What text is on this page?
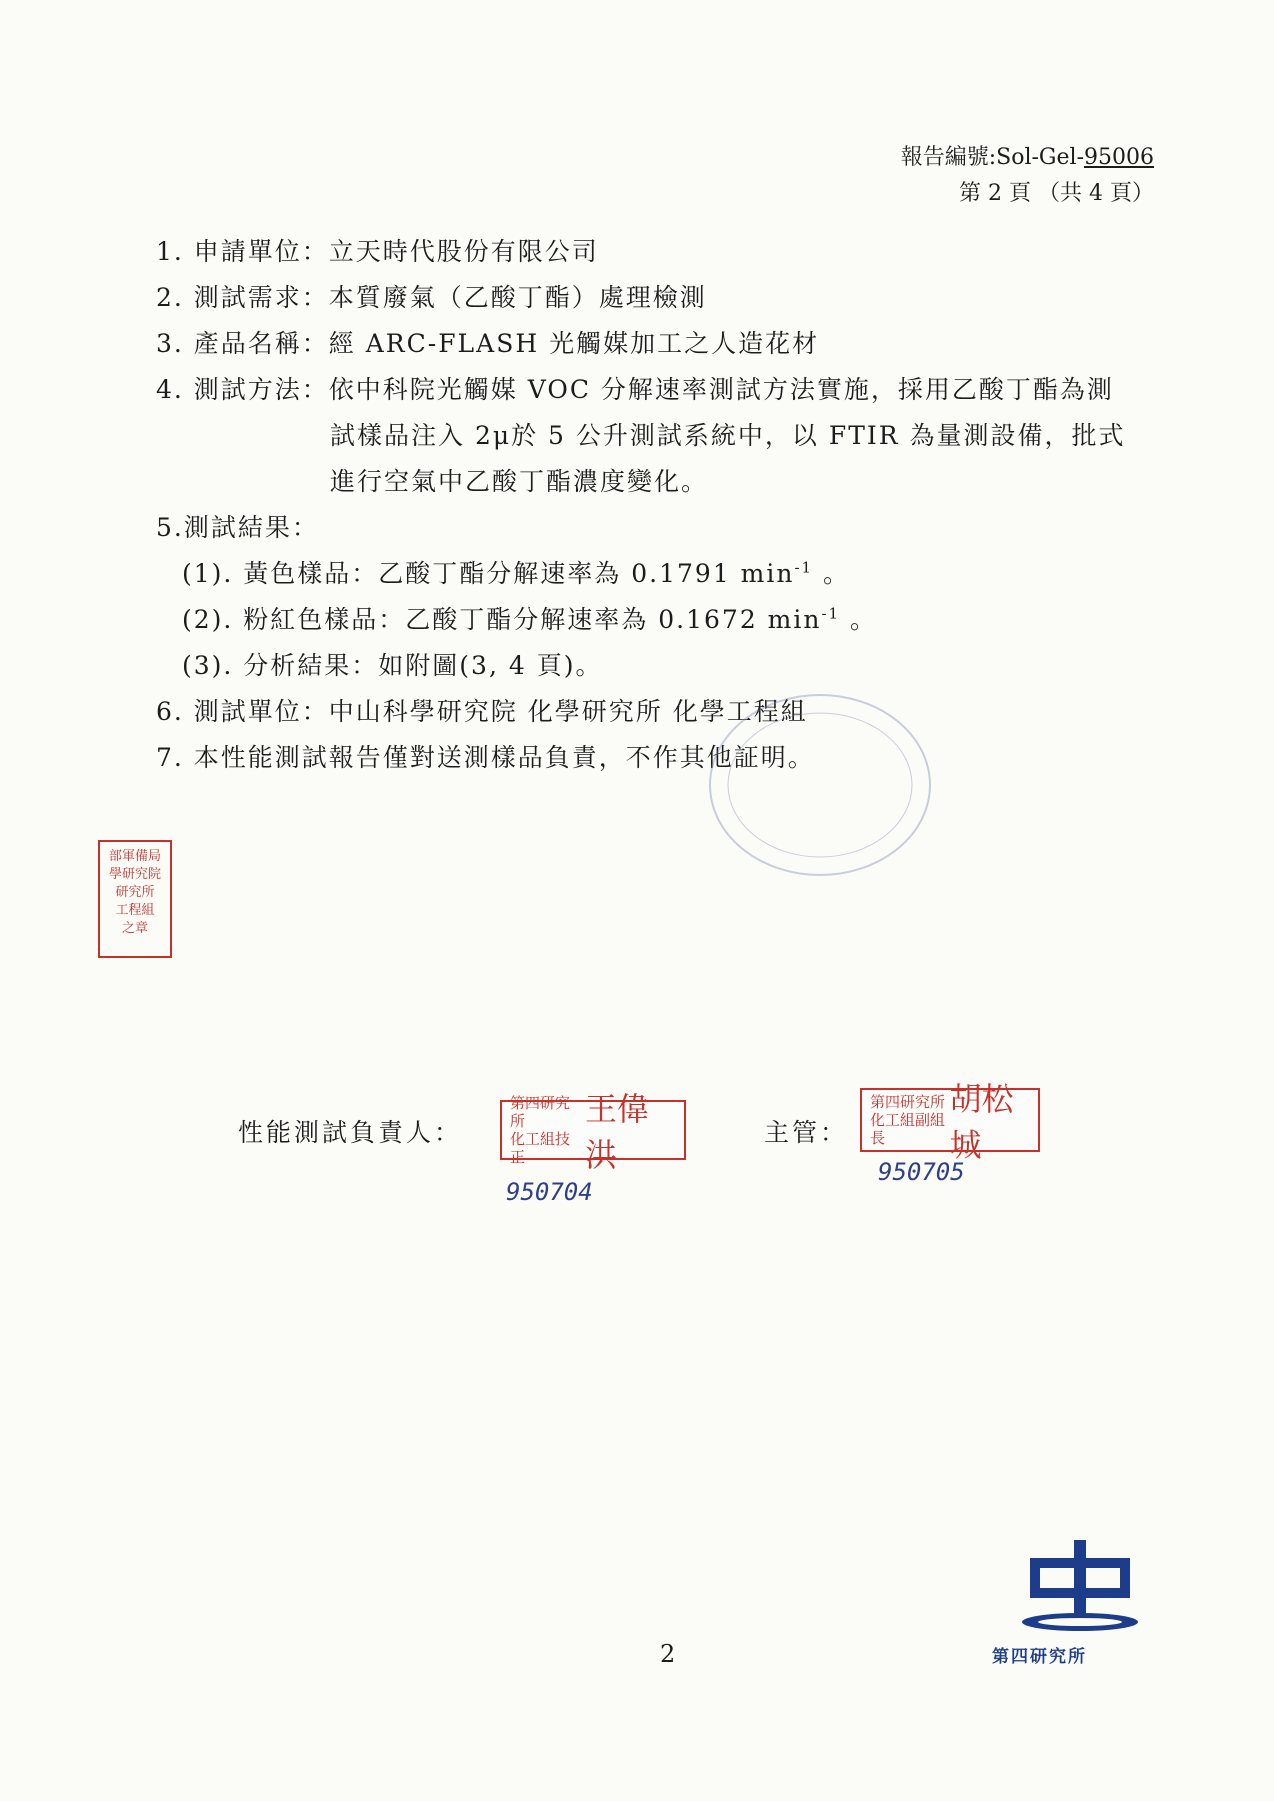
報告編號:Sol-Gel-95006
第 2 頁 （共 4 頁）
1. 申請單位：立天時代股份有限公司
2. 測試需求：本質廢氣（乙酸丁酯）處理檢測
3. 產品名稱：經 ARC-FLASH 光觸媒加工之人造花材
4. 測試方法：依中科院光觸媒 VOC 分解速率測試方法實施，採用乙酸丁酯為測
試樣品注入 2μ於 5 公升測試系統中，以 FTIR 為量測設備，批式
進行空氣中乙酸丁酯濃度變化。
5.測試結果：
(1). 黃色樣品：乙酸丁酯分解速率為 0.1791 $\min^{-1}$ 。
(2). 粉紅色樣品：乙酸丁酯分解速率為 0.1672 $\min^{-1}$ 。
(3). 分析結果：如附圖(3, 4 頁)。
6. 測試單位：中山科學研究院 化學研究所 化學工程組
7. 本性能測試報告僅對送測樣品負責，不作其他証明。
部軍備局
學研究院
研究所
工程組
之章
性能測試負責人：
第四研究所
化工組技正
王偉洪
950704
主管：
第四研究所
化工組副組長
胡松城
950705
2	第四研究所
